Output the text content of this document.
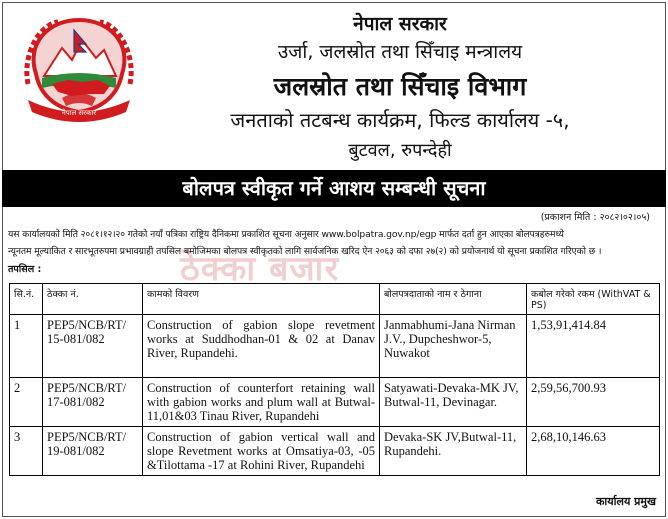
नेपाल सरकार
नेपाल सरकार
उर्जा, जलस्रोत तथा सिँचाइ मन्त्रालय
जलस्रोत तथा सिँचाइ विभाग
जनताको तटबन्ध कार्यक्रम, फिल्ड कार्यालय -५,
बुटवल, रुपन्देही
बोलपत्र स्वीकृत गर्ने आशय सम्बन्धी सूचना
(प्रकाशन मिति : २०८२।०२।०५)
ठेक्का बजार
यस कार्यालयको मिति २०८१।१२।२० गतेको नयाँ पत्रिका राष्ट्रिय दैनिकमा प्रकाशित सूचना अनुसार www.bolpatra.gov.np/egp मार्फत दर्ता हुन आएका बोलपत्रहरुमध्ये
न्यूनतम मूल्याकित र सारभूतरुपमा प्रभावग्राही तपसिल बमोजिमका बोलपत्र स्वीकृतको लागि सार्वजनिक खरिद ऐन २०६३ को दफा २७(२) को प्रयोजनार्थ यो सूचना प्रकाशित गरिएको छ ।
तपसिल :
सि.नं.	ठेक्का नं.	कामको विवरण	बोलपत्रदाताको नाम र ठेगाना	कबोल गरेको रकम (WithVAT & PS)
1	PEP5/NCB/RT/ 15-081/082	Construction of gabion slope revetment works at Suddhodhan-01 & 02 at Danav River, Rupandehi.	Janmabhumi-Jana Nirman J.V., Dupcheshwor-5, Nuwakot	1,53,91,414.84
2	PEP5/NCB/RT/ 17-081/082	Construction of counterfort retaining wall with gabion works and plum wall at Butwal-11,01&03 Tinau River, Rupandehi	Satyawati-Devaka-MK JV, Butwal-11, Devinagar.	2,59,56,700.93
3	PEP5/NCB/RT/ 19-081/082	Construction of gabion vertical wall and slope Revetment works at Omsatiya-03, -05 &Tilottama -17 at Rohini River, Rupandehi	Devaka-SK JV,Butwal-11, Rupandehi.	2,68,10,146.63
कार्यालय प्रमुख
